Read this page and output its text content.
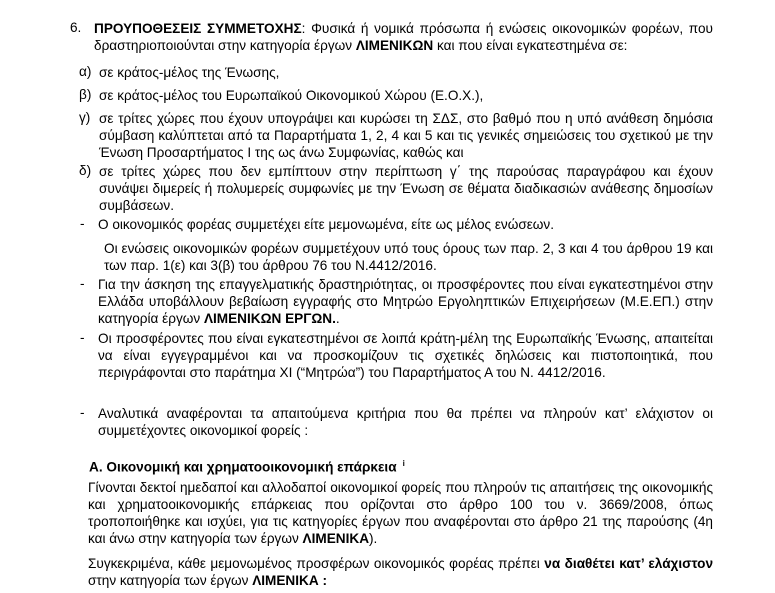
6. ΠΡΟΥΠΟΘΕΣΕΙΣ ΣΥΜΜΕΤΟΧΗΣ: Φυσικά ή νομικά πρόσωπα ή ενώσεις οικονομικών φορέων, που δραστηριοποιούνται στην κατηγορία έργων ΛΙΜΕΝΙΚΩΝ και που είναι εγκατεστημένα σε:
α) σε κράτος-μέλος της Ένωσης,
β) σε κράτος-μέλος του Ευρωπαϊκού Οικονομικού Χώρου (Ε.Ο.Χ.),
γ) σε τρίτες χώρες που έχουν υπογράψει και κυρώσει τη ΣΔΣ, στο βαθμό που η υπό ανάθεση δημόσια σύμβαση καλύπτεται από τα Παραρτήματα 1, 2, 4 και 5 και τις γενικές σημειώσεις του σχετικού με την Ένωση Προσαρτήματος I της ως άνω Συμφωνίας, καθώς και
δ) σε τρίτες χώρες που δεν εμπίπτουν στην περίπτωση γ΄ της παρούσας παραγράφου και έχουν συνάψει διμερείς ή πολυμερείς συμφωνίες με την Ένωση σε θέματα διαδικασιών ανάθεσης δημοσίων συμβάσεων.
- Ο οικονομικός φορέας συμμετέχει είτε μεμονωμένα, είτε ως μέλος ενώσεων.
Οι ενώσεις οικονομικών φορέων συμμετέχουν υπό τους όρους των παρ. 2, 3 και 4 του άρθρου 19 και των παρ. 1(ε) και 3(β) του άρθρου 76 του Ν.4412/2016.
- Για την άσκηση της επαγγελματικής δραστηριότητας, οι προσφέροντες που είναι εγκατεστημένοι στην Ελλάδα υποβάλλουν βεβαίωση εγγραφής στο Μητρώο Εργοληπτικών Επιχειρήσεων (Μ.Ε.ΕΠ.) στην κατηγορία έργων ΛΙΜΕΝΙΚΩΝ ΕΡΓΩΝ..
- Οι προσφέροντες που είναι εγκατεστημένοι σε λοιπά κράτη-μέλη της Ευρωπαϊκής Ένωσης, απαιτείται να είναι εγγεγραμμένοι και να προσκομίζουν τις σχετικές δηλώσεις και πιστοποιητικά, που περιγράφονται στο παράτημα XI (“Μητρώα”) του Παραρτήματος Α του Ν. 4412/2016.
- Αναλυτικά αναφέρονται τα απαιτούμενα κριτήρια που θα πρέπει να πληρούν κατ’ ελάχιστον οι συμμετέχοντες οικονομικοί φορείς :
Α. Οικονομική και χρηματοοικονομική επάρκεια $^i$
Γίνονται δεκτοί ημεδαποί και αλλοδαποί οικονομικοί φορείς που πληρούν τις απαιτήσεις της οικονομικής και χρηματοοικονομικής επάρκειας που ορίζονται στο άρθρο 100 του ν. 3669/2008, όπως τροποποιήθηκε και ισχύει, για τις κατηγορίες έργων που αναφέρονται στο άρθρο 21 της παρούσης (4η και άνω στην κατηγορία των έργων ΛΙΜΕΝΙΚΑ).
Συγκεκριμένα, κάθε μεμονωμένος προσφέρων οικονομικός φορέας πρέπει να διαθέτει κατ’ ελάχιστον στην κατηγορία των έργων ΛΙΜΕΝΙΚΑ :
